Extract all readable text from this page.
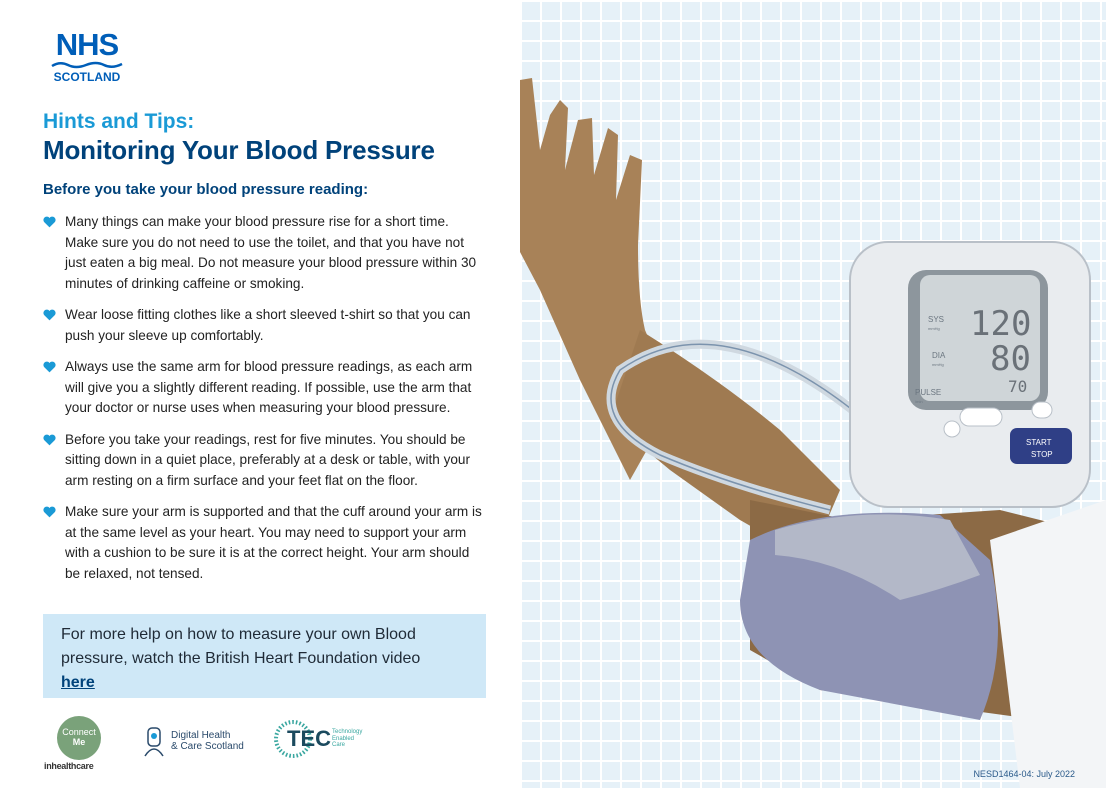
NHS
SCOTLAND
Hints and Tips:
Monitoring Your Blood Pressure
Before you take your blood pressure reading:
Many things can make your blood pressure rise for a short time. Make sure you do not need to use the toilet, and that you have not just eaten a big meal. Do not measure your blood pressure within 30 minutes of drinking caffeine or smoking.
Wear loose fitting clothes like a short sleeved t-shirt so that you can push your sleeve up comfortably.
Always use the same arm for blood pressure readings, as each arm will give you a slightly different reading. If possible, use the arm that your doctor or nurse uses when measuring your blood pressure.
Before you take your readings, rest for five minutes. You should be sitting down in a quiet place, preferably at a desk or table, with your arm resting on a firm surface and your feet flat on the floor.
Make sure your arm is supported and that the cuff around your arm is at the same level as your heart. You may need to support your arm with a cushion to be sure it is at the correct height. Your arm should be relaxed, not tensed.
For more help on how to measure your own Blood pressure, watch the British Heart Foundation video
here
Connect
Me
inhealthcare
Digital Health
& Care Scotland TEC Technology
Enabled
Care
SYS
mmHg
DIA
mmHg
PULSE
/min
120
80
70
START
STOP
NESD1464-04: July 2022
